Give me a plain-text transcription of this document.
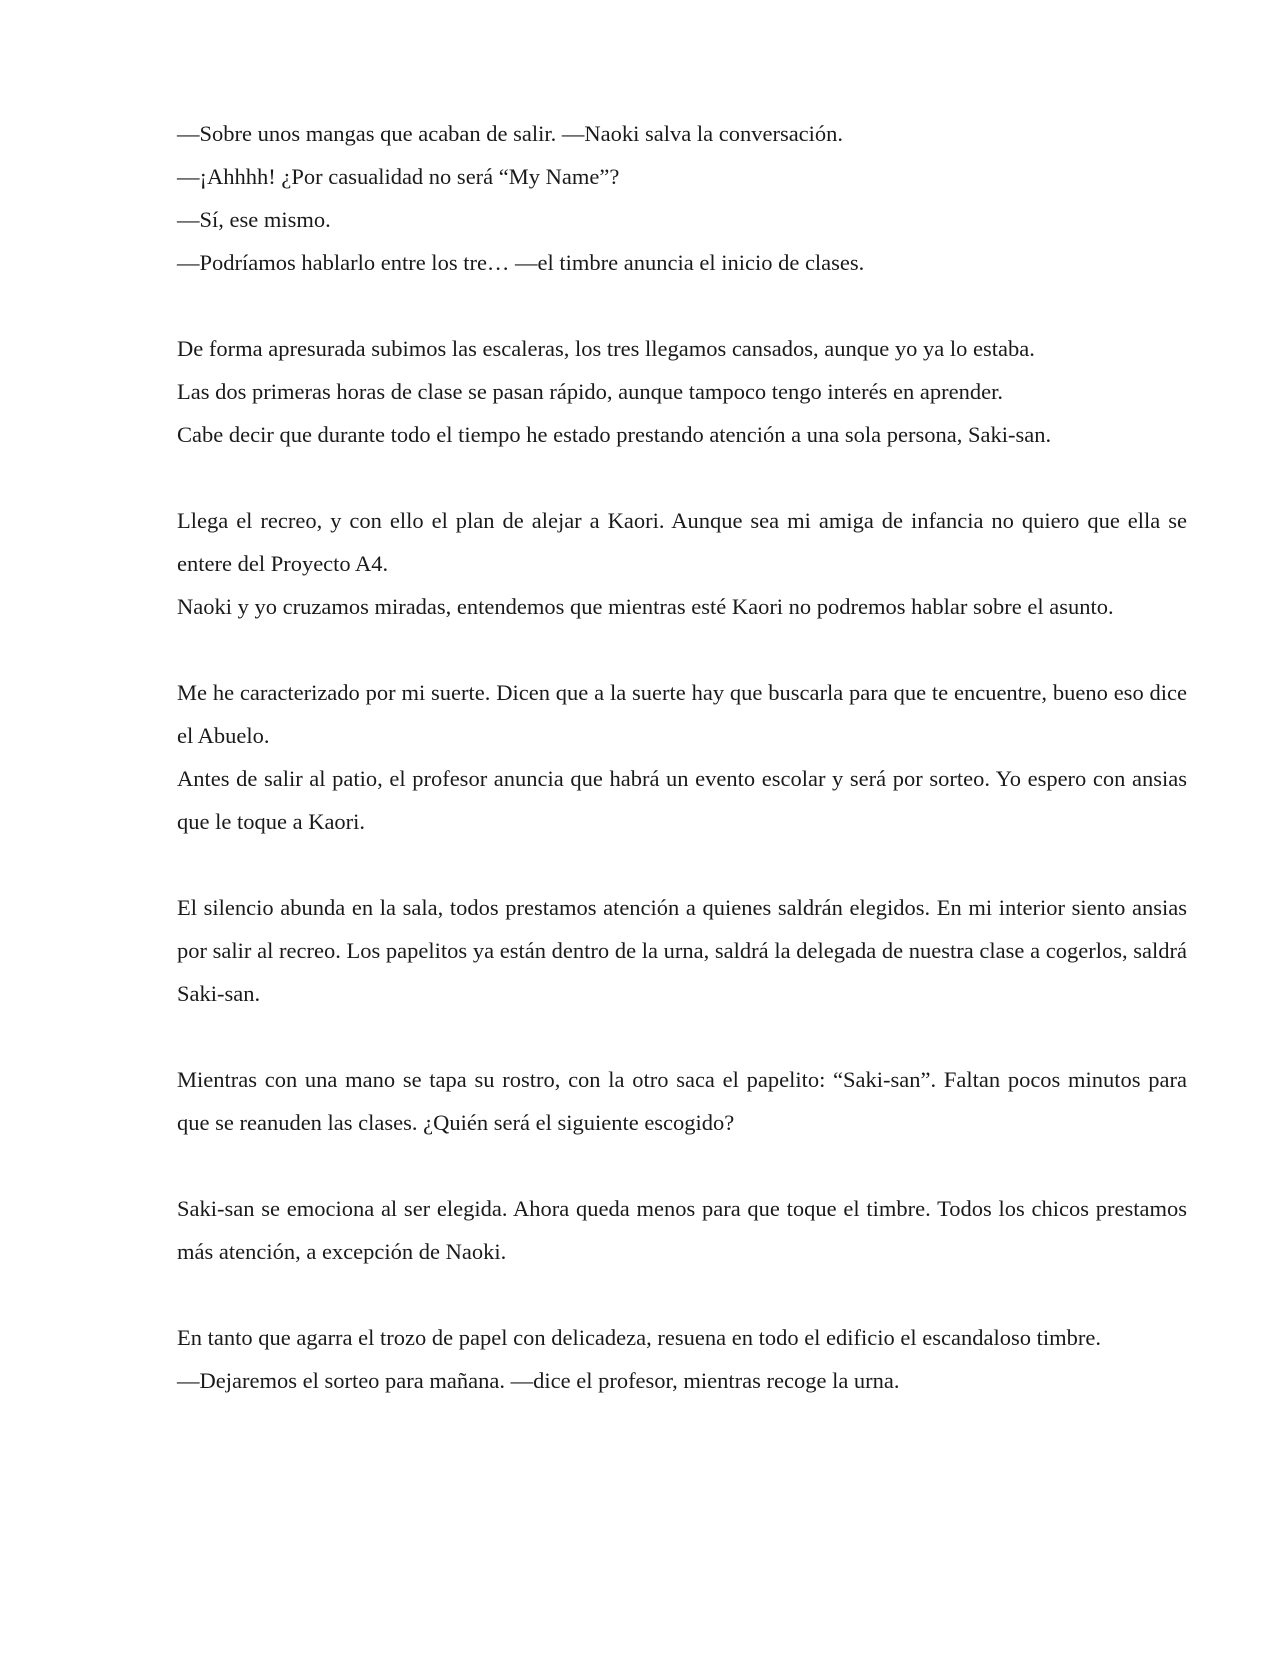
—Sobre unos mangas que acaban de salir. —Naoki salva la conversación.

—¡Ahhhh! ¿Por casualidad no será “My Name”?

—Sí, ese mismo.

—Podríamos hablarlo entre los tre… —el timbre anuncia el inicio de clases.

De forma apresurada subimos las escaleras, los tres llegamos cansados, aunque yo ya lo estaba.

Las dos primeras horas de clase se pasan rápido, aunque tampoco tengo interés en aprender.

Cabe decir que durante todo el tiempo he estado prestando atención a una sola persona, Saki-san.

Llega el recreo, y con ello el plan de alejar a Kaori. Aunque sea mi amiga de infancia no quiero que ella se entere del Proyecto A4.

Naoki y yo cruzamos miradas, entendemos que mientras esté Kaori no podremos hablar sobre el asunto.

Me he caracterizado por mi suerte. Dicen que a la suerte hay que buscarla para que te encuentre, bueno eso dice el Abuelo.

Antes de salir al patio, el profesor anuncia que habrá un evento escolar y será por sorteo. Yo espero con ansias que le toque a Kaori.

El silencio abunda en la sala, todos prestamos atención a quienes saldrán elegidos. En mi interior siento ansias por salir al recreo. Los papelitos ya están dentro de la urna, saldrá la delegada de nuestra clase a cogerlos, saldrá Saki-san.

Mientras con una mano se tapa su rostro, con la otro saca el papelito: “Saki-san”. Faltan pocos minutos para que se reanuden las clases. ¿Quién será el siguiente escogido?

Saki-san se emociona al ser elegida. Ahora queda menos para que toque el timbre. Todos los chicos prestamos más atención, a excepción de Naoki.

En tanto que agarra el trozo de papel con delicadeza, resuena en todo el edificio el escandaloso timbre.

—Dejaremos el sorteo para mañana. —dice el profesor, mientras recoge la urna.
